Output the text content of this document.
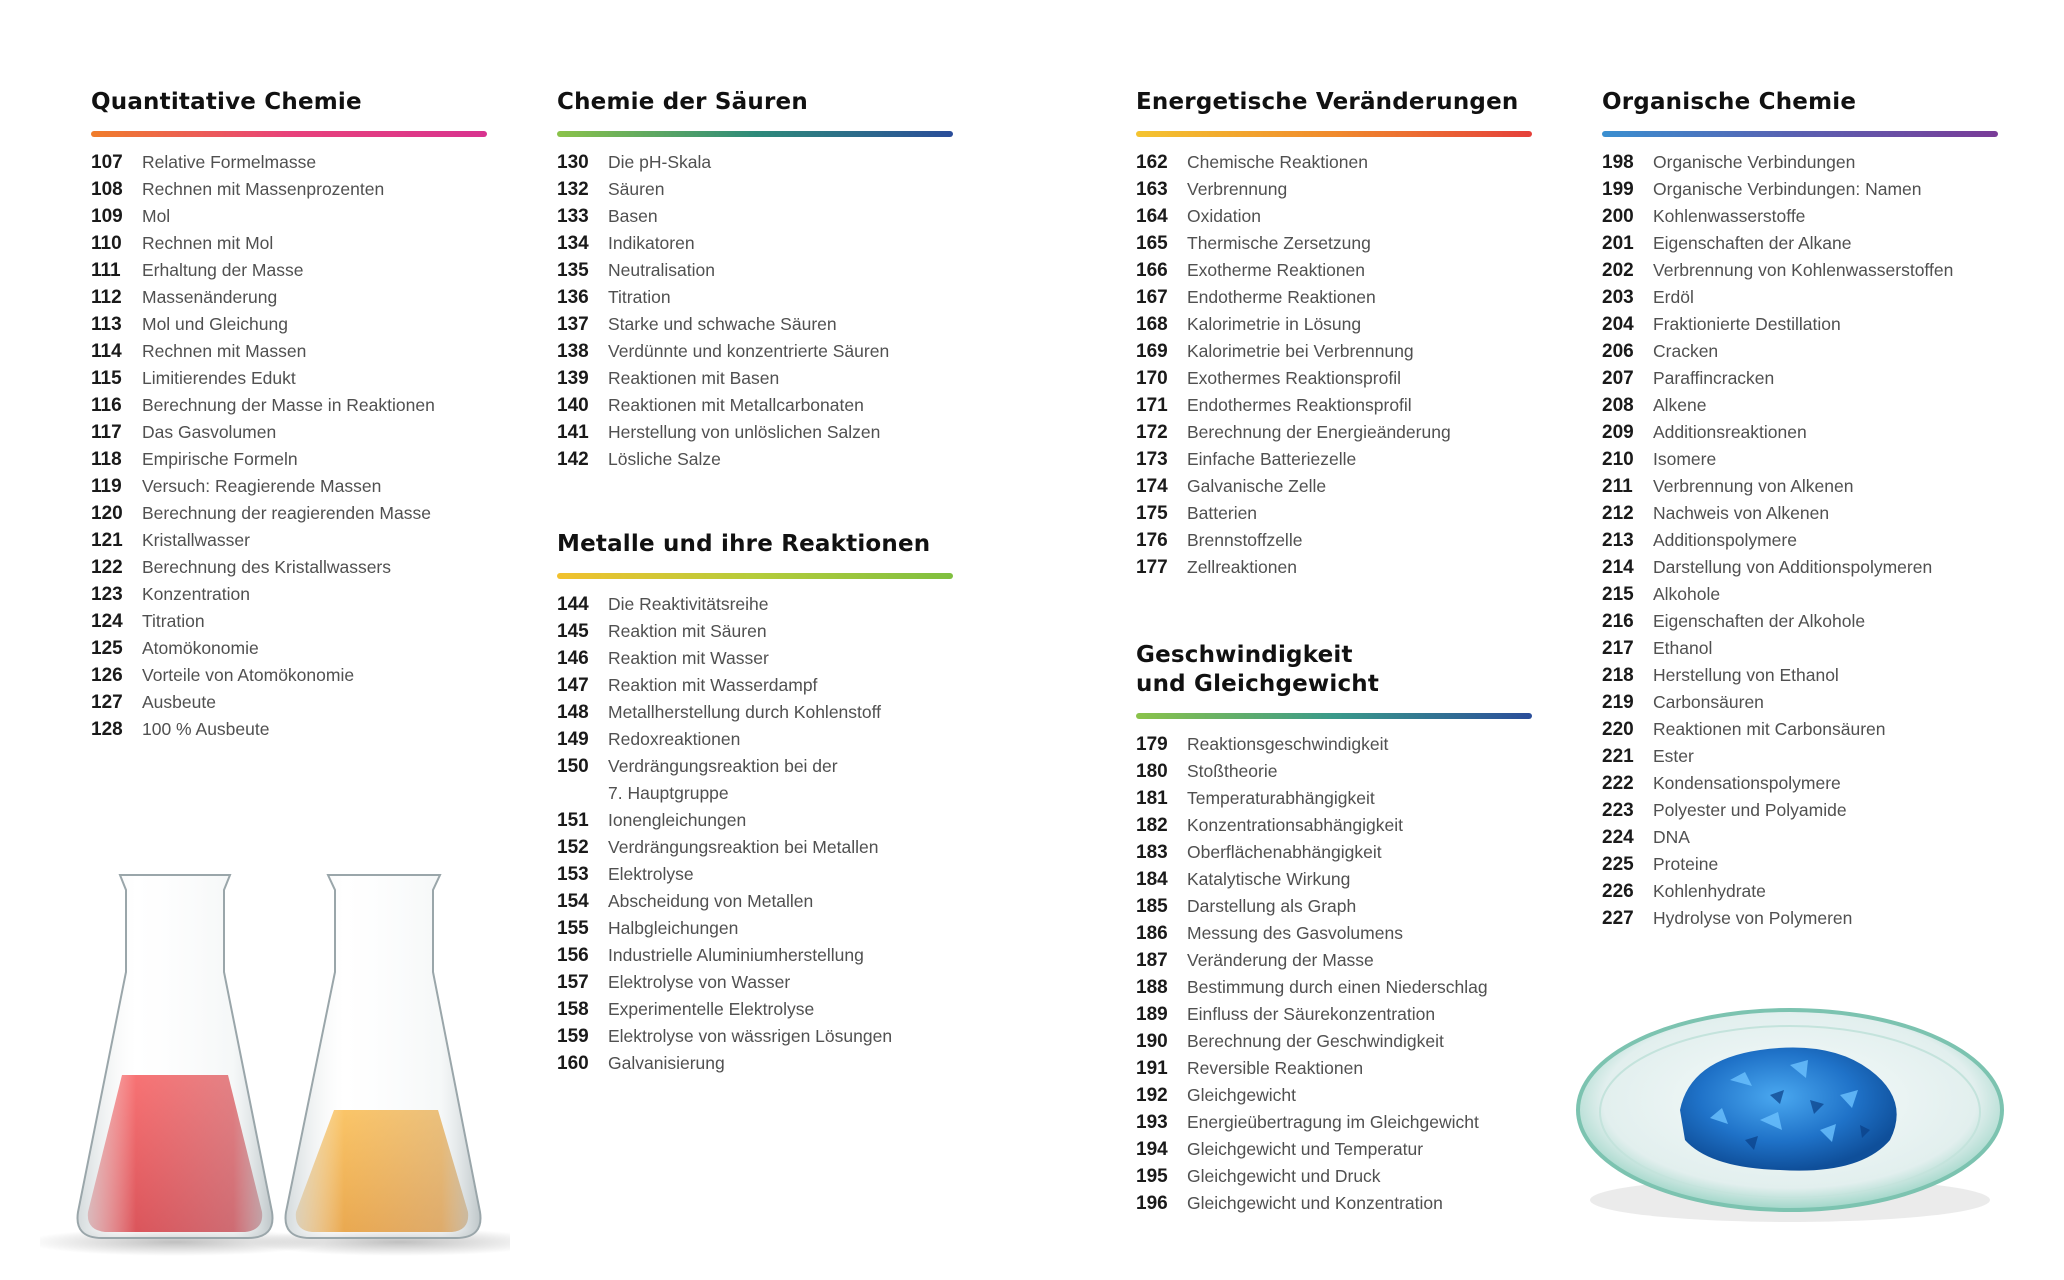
Quantitative Chemie
107	Relative Formelmasse
108	Rechnen mit Massenprozenten
109	Mol
110	Rechnen mit Mol
111	Erhaltung der Masse
112	Massenänderung
113	Mol und Gleichung
114	Rechnen mit Massen
115	Limitierendes Edukt
116	Berechnung der Masse in Reaktionen
117	Das Gasvolumen
118	Empirische Formeln
119	Versuch: Reagierende Massen
120	Berechnung der reagierenden Masse
121	Kristallwasser
122	Berechnung des Kristallwassers
123	Konzentration
124	Titration
125	Atomökonomie
126	Vorteile von Atomökonomie
127	Ausbeute
128	100 % Ausbeute
Chemie der Säuren
130	Die pH-Skala
132	Säuren
133	Basen
134	Indikatoren
135	Neutralisation
136	Titration
137	Starke und schwache Säuren
138	Verdünnte und konzentrierte Säuren
139	Reaktionen mit Basen
140	Reaktionen mit Metallcarbonaten
141	Herstellung von unlöslichen Salzen
142	Lösliche Salze
Metalle und ihre Reaktionen
144	Die Reaktivitätsreihe
145	Reaktion mit Säuren
146	Reaktion mit Wasser
147	Reaktion mit Wasserdampf
148	Metallherstellung durch Kohlenstoff
149	Redoxreaktionen
150	Verdrängungsreaktion bei der
7. Hauptgruppe
151	Ionengleichungen
152	Verdrängungsreaktion bei Metallen
153	Elektrolyse
154	Abscheidung von Metallen
155	Halbgleichungen
156	Industrielle Aluminiumherstellung
157	Elektrolyse von Wasser
158	Experimentelle Elektrolyse
159	Elektrolyse von wässrigen Lösungen
160	Galvanisierung
Energetische Veränderungen
162	Chemische Reaktionen
163	Verbrennung
164	Oxidation
165	Thermische Zersetzung
166	Exotherme Reaktionen
167	Endotherme Reaktionen
168	Kalorimetrie in Lösung
169	Kalorimetrie bei Verbrennung
170	Exothermes Reaktionsprofil
171	Endothermes Reaktionsprofil
172	Berechnung der Energieänderung
173	Einfache Batteriezelle
174	Galvanische Zelle
175	Batterien
176	Brennstoffzelle
177	Zellreaktionen
Geschwindigkeit
und Gleichgewicht
179	Reaktionsgeschwindigkeit
180	Stoßtheorie
181	Temperaturabhängigkeit
182	Konzentrationsabhängigkeit
183	Oberflächenabhängigkeit
184	Katalytische Wirkung
185	Darstellung als Graph
186	Messung des Gasvolumens
187	Veränderung der Masse
188	Bestimmung durch einen Niederschlag
189	Einfluss der Säurekonzentration
190	Berechnung der Geschwindigkeit
191	Reversible Reaktionen
192	Gleichgewicht
193	Energieübertragung im Gleichgewicht
194	Gleichgewicht und Temperatur
195	Gleichgewicht und Druck
196	Gleichgewicht und Konzentration
Organische Chemie
198	Organische Verbindungen
199	Organische Verbindungen: Namen
200	Kohlenwasserstoffe
201	Eigenschaften der Alkane
202	Verbrennung von Kohlenwasserstoffen
203	Erdöl
204	Fraktionierte Destillation
206	Cracken
207	Paraffincracken
208	Alkene
209	Additionsreaktionen
210	Isomere
211	Verbrennung von Alkenen
212	Nachweis von Alkenen
213	Additionspolymere
214	Darstellung von Additionspolymeren
215	Alkohole
216	Eigenschaften der Alkohole
217	Ethanol
218	Herstellung von Ethanol
219	Carbonsäuren
220	Reaktionen mit Carbonsäuren
221	Ester
222	Kondensationspolymere
223	Polyester und Polyamide
224	DNA
225	Proteine
226	Kohlenhydrate
227	Hydrolyse von Polymeren
